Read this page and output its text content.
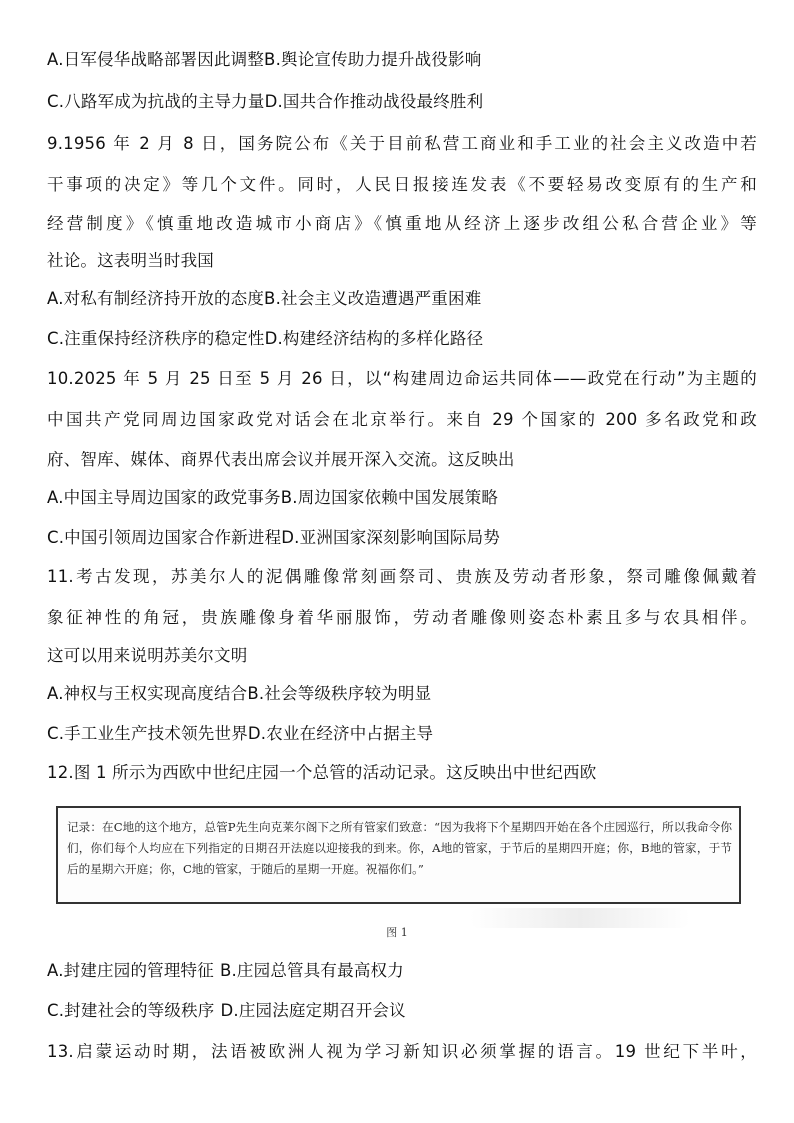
A.日军侵华战略部署因此调整B.舆论宣传助力提升战役影响
C.八路军成为抗战的主导力量D.国共合作推动战役最终胜利
9.1956 年 2 月 8 日，国务院公布《关于目前私营工商业和手工业的社会主义改造中若
干事项的决定》等几个文件。同时，人民日报接连发表《不要轻易改变原有的生产和
经营制度》《慎重地改造城市小商店》《慎重地从经济上逐步改组公私合营企业》等
社论。这表明当时我国
A.对私有制经济持开放的态度B.社会主义改造遭遇严重困难
C.注重保持经济秩序的稳定性D.构建经济结构的多样化路径
10.2025 年 5 月 25 日至 5 月 26 日，以“构建周边命运共同体——政党在行动”为主题的
中国共产党同周边国家政党对话会在北京举行。来自 29 个国家的 200 多名政党和政
府、智库、媒体、商界代表出席会议并展开深入交流。这反映出
A.中国主导周边国家的政党事务B.周边国家依赖中国发展策略
C.中国引领周边国家合作新进程D.亚洲国家深刻影响国际局势
11.考古发现，苏美尔人的泥偶雕像常刻画祭司、贵族及劳动者形象，祭司雕像佩戴着
象征神性的角冠，贵族雕像身着华丽服饰，劳动者雕像则姿态朴素且多与农具相伴。
这可以用来说明苏美尔文明
A.神权与王权实现高度结合B.社会等级秩序较为明显
C.手工业生产技术领先世界D.农业在经济中占据主导
12.图 1 所示为西欧中世纪庄园一个总管的活动记录。这反映出中世纪西欧
记录：在C地的这个地方，总管P先生向克莱尔阁下之所有管家们致意：“因为我将下个星期四开始在各个庄园巡行，所以我命令你们，你们每个人均应在下列指定的日期召开法庭以迎接我的到来。你，A地的管家，于节后的星期四开庭；你，B地的管家，于节后的星期六开庭；你，C地的管家，于随后的星期一开庭。祝福你们。”
图 1
A.封建庄园的管理特征 B.庄园总管具有最高权力
C.封建社会的等级秩序 D.庄园法庭定期召开会议
13.启蒙运动时期，法语被欧洲人视为学习新知识必须掌握的语言。19 世纪下半叶，
